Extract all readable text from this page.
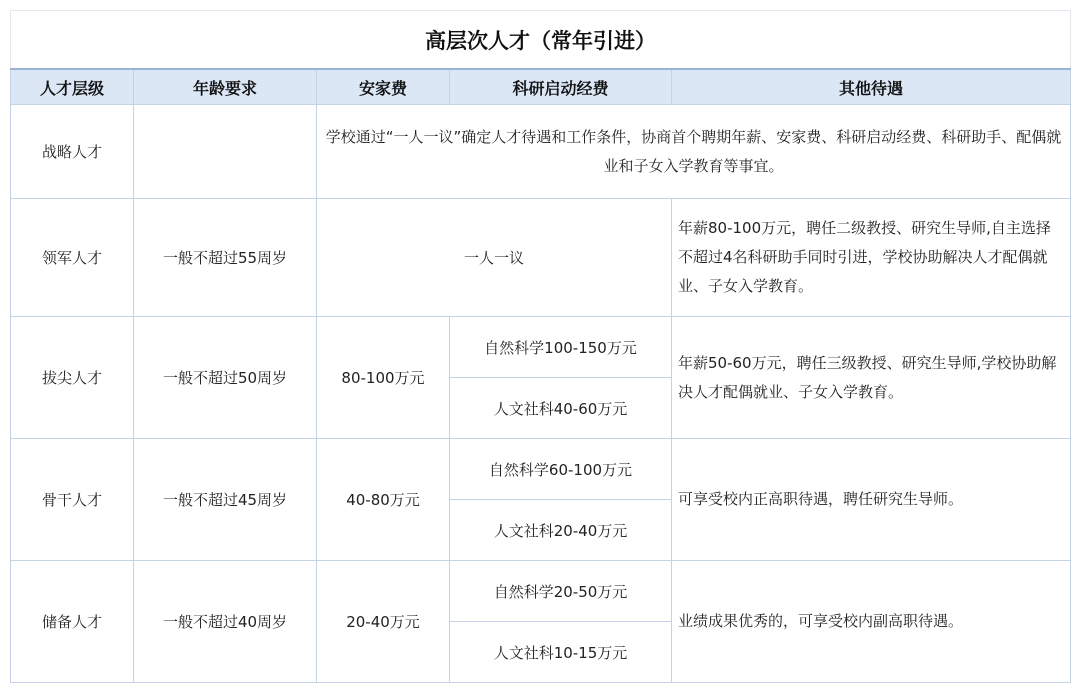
高层次人才（常年引进）				
人才层级	年龄要求	安家费	科研启动经费	其他待遇
战略人才		学校通过“一人一议”确定人才待遇和工作条件，协商首个聘期年薪、安家费、科研启动经费、科研助手、配偶就业和子女入学教育等事宜。		
领军人才	一般不超过55周岁	一人一议		年薪80-100万元，聘任二级教授、研究生导师,自主选择不超过4名科研助手同时引进，学校协助解决人才配偶就业、子女入学教育。
拔尖人才	一般不超过50周岁	80-100万元	自然科学100-150万元	年薪50-60万元，聘任三级教授、研究生导师,学校协助解决人才配偶就业、子女入学教育。
			人文社科40-60万元	
骨干人才	一般不超过45周岁	40-80万元	自然科学60-100万元	可享受校内正高职待遇，聘任研究生导师。
			人文社科20-40万元	
储备人才	一般不超过40周岁	20-40万元	自然科学20-50万元	业绩成果优秀的，可享受校内副高职待遇。
			人文社科10-15万元	
